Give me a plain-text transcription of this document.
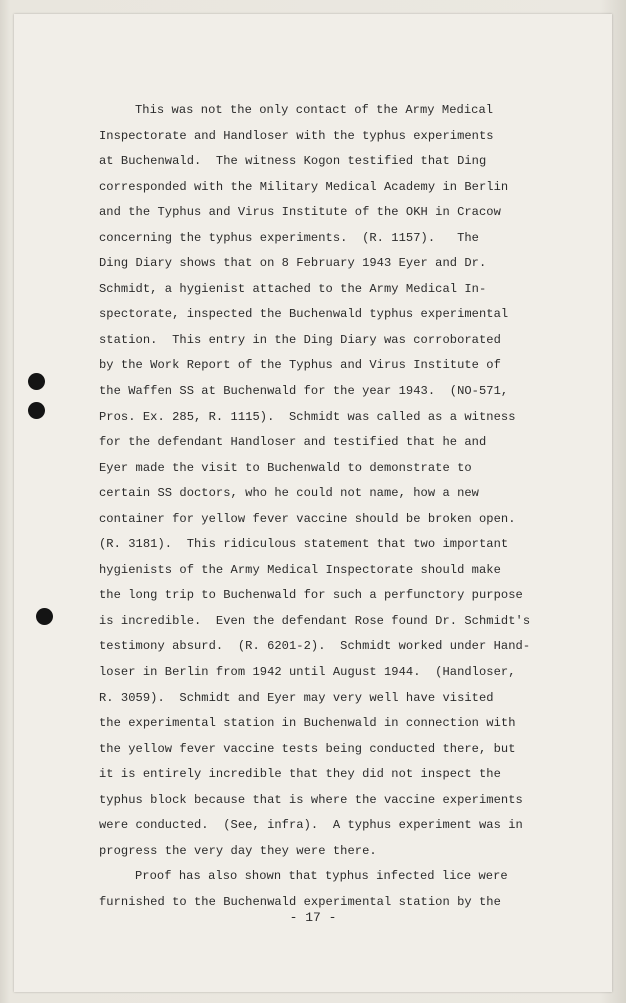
This was not the only contact of the Army Medical
Inspectorate and Handloser with the typhus experiments
at Buchenwald.  The witness Kogon testified that Ding
corresponded with the Military Medical Academy in Berlin
and the Typhus and Virus Institute of the OKH in Cracow
concerning the typhus experiments.  (R. 1157).   The
Ding Diary shows that on 8 February 1943 Eyer and Dr.
Schmidt, a hygienist attached to the Army Medical In-
spectorate, inspected the Buchenwald typhus experimental
station.  This entry in the Ding Diary was corroborated
by the Work Report of the Typhus and Virus Institute of
the Waffen SS at Buchenwald for the year 1943.  (NO-571,
Pros. Ex. 285, R. 1115).  Schmidt was called as a witness
for the defendant Handloser and testified that he and
Eyer made the visit to Buchenwald to demonstrate to
certain SS doctors, who he could not name, how a new
container for yellow fever vaccine should be broken open.
(R. 3181).  This ridiculous statement that two important
hygienists of the Army Medical Inspectorate should make
the long trip to Buchenwald for such a perfunctory purpose
is incredible.  Even the defendant Rose found Dr. Schmidt's
testimony absurd.  (R. 6201-2).  Schmidt worked under Hand-
loser in Berlin from 1942 until August 1944.  (Handloser,
R. 3059).  Schmidt and Eyer may very well have visited
the experimental station in Buchenwald in connection with
the yellow fever vaccine tests being conducted there, but
it is entirely incredible that they did not inspect the
typhus block because that is where the vaccine experiments
were conducted.  (See, infra).  A typhus experiment was in
progress the very day they were there.
Proof has also shown that typhus infected lice were
furnished to the Buchenwald experimental station by the
- 17 -
